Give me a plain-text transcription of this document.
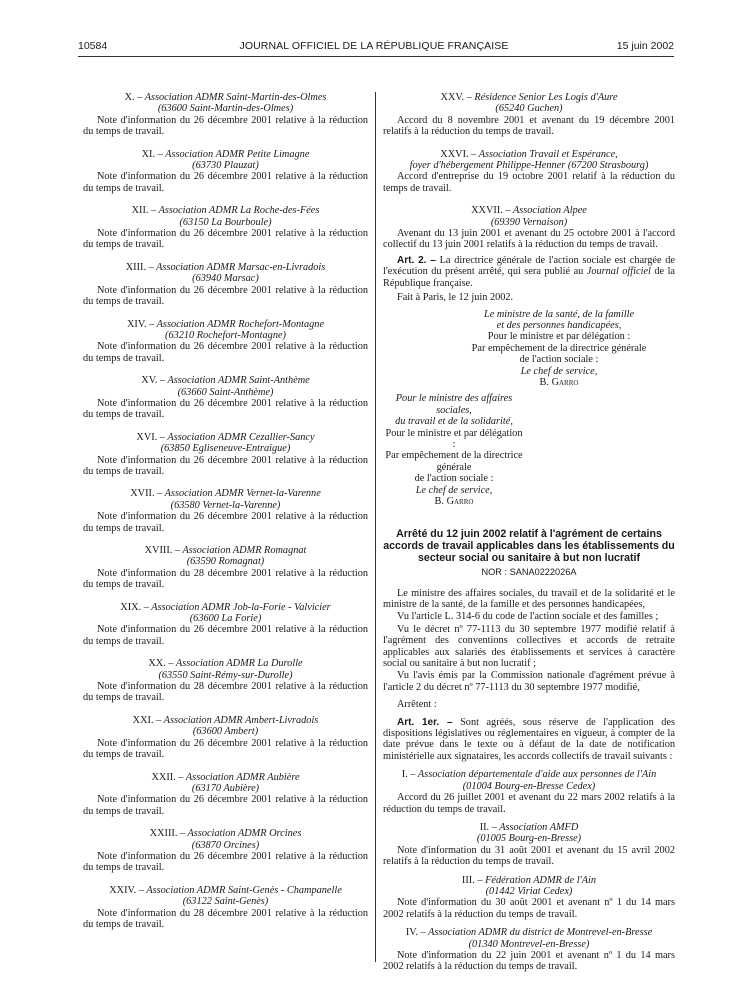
10584	JOURNAL OFFICIEL DE LA RÉPUBLIQUE FRANÇAISE	15 juin 2002
X. – Association ADMR Saint-Martin-des-Olmes
(63600 Saint-Martin-des-Olmes)
Note d'information du 26 décembre 2001 relative à la réduction du temps de travail.
XI. – Association ADMR Petite Limagne
(63730 Plauzat)
Note d'information du 26 décembre 2001 relative à la réduction du temps de travail.
XII. – Association ADMR La Roche-des-Fées
(63150 La Bourboule)
Note d'information du 26 décembre 2001 relative à la réduction du temps de travail.
XIII. – Association ADMR Marsac-en-Livradois
(63940 Marsac)
Note d'information du 26 décembre 2001 relative à la réduction du temps de travail.
XIV. – Association ADMR Rochefort-Montagne
(63210 Rochefort-Montagne)
Note d'information du 26 décembre 2001 relative à la réduction du temps de travail.
XV. – Association ADMR Saint-Anthème
(63660 Saint-Anthème)
Note d'information du 26 décembre 2001 relative à la réduction du temps de travail.
XVI. – Association ADMR Cezallier-Sancy
(63850 Egliseneuve-Entraigue)
Note d'information du 26 décembre 2001 relative à la réduction du temps de travail.
XVII. – Association ADMR Vernet-la-Varenne
(63580 Vernet-la-Varenne)
Note d'information du 26 décembre 2001 relative à la réduction du temps de travail.
XVIII. – Association ADMR Romagnat
(63590 Romagnat)
Note d'information du 28 décembre 2001 relative à la réduction du temps de travail.
XIX. – Association ADMR Job-la-Forie - Valvicier
(63600 La Forie)
Note d'information du 26 décembre 2001 relative à la réduction du temps de travail.
XX. – Association ADMR La Durolle
(63550 Saint-Rémy-sur-Durolle)
Note d'information du 28 décembre 2001 relative à la réduction du temps de travail.
XXI. – Association ADMR Ambert-Livradois
(63600 Ambert)
Note d'information du 26 décembre 2001 relative à la réduction du temps de travail.
XXII. – Association ADMR Aubière
(63170 Aubière)
Note d'information du 26 décembre 2001 relative à la réduction du temps de travail.
XXIII. – Association ADMR Orcines
(63870 Orcines)
Note d'information du 26 décembre 2001 relative à la réduction du temps de travail.
XXIV. – Association ADMR Saint-Genès - Champanelle
(63122 Saint-Genès)
Note d'information du 28 décembre 2001 relative à la réduction du temps de travail.
XXV. – Résidence Senior Les Logis d'Aure
(65240 Guchen)
Accord du 8 novembre 2001 et avenant du 19 décembre 2001 relatifs à la réduction du temps de travail.
XXVI. – Association Travail et Espérance,
foyer d'hébergement Philippe-Henner (67200 Strasbourg)
Accord d'entreprise du 19 octobre 2001 relatif à la réduction du temps de travail.
XXVII. – Association Alpee
(69390 Vernaison)
Avenant du 13 juin 2001 et avenant du 25 octobre 2001 à l'accord collectif du 13 juin 2001 relatifs à la réduction du temps de travail.
Art. 2. – La directrice générale de l'action sociale est chargée de l'exécution du présent arrêté, qui sera publié au Journal officiel de la République française.
Fait à Paris, le 12 juin 2002.
Le ministre de la santé, de la famille
et des personnes handicapées,
Pour le ministre et par délégation :
Par empêchement de la directrice générale
de l'action sociale :
Le chef de service,
B. Garro
Pour le ministre des affaires sociales,
du travail et de la solidarité,
Pour le ministre et par délégation :
Par empêchement de la directrice générale
de l'action sociale :
Le chef de service,
B. Garro
Arrêté du 12 juin 2002 relatif à l'agrément de certains accords de travail applicables dans les établissements du secteur social ou sanitaire à but non lucratif
NOR : SANA0222026A
Le ministre des affaires sociales, du travail et de la solidarité et le ministre de la santé, de la famille et des personnes handicapées,
Vu l'article L. 314-6 du code de l'action sociale et des familles ;
Vu le décret nº 77-1113 du 30 septembre 1977 modifié relatif à l'agrément des conventions collectives et accords de retraite applicables aux salariés des établissements et services à caractère social ou sanitaire à but non lucratif ;
Vu l'avis émis par la Commission nationale d'agrément prévue à l'article 2 du décret nº 77-1113 du 30 septembre 1977 modifié,
Arrêtent :
Art. 1er. – Sont agréés, sous réserve de l'application des dispositions législatives ou réglementaires en vigueur, à compter de la date prévue dans le texte ou à défaut de la date de notification ministérielle aux signataires, les accords collectifs de travail suivants :
I. – Association départementale d'aide aux personnes de l'Ain
(01004 Bourg-en-Bresse Cedex)
Accord du 26 juillet 2001 et avenant du 22 mars 2002 relatifs à la réduction du temps de travail.
II. – Association AMFD
(01005 Bourg-en-Bresse)
Note d'information du 31 août 2001 et avenant du 15 avril 2002 relatifs à la réduction du temps de travail.
III. – Fédération ADMR de l'Ain
(01442 Viriat Cedex)
Note d'information du 30 août 2001 et avenant nº 1 du 14 mars 2002 relatifs à la réduction du temps de travail.
IV. – Association ADMR du district de Montrevel-en-Bresse
(01340 Montrevel-en-Bresse)
Note d'information du 22 juin 2001 et avenant nº 1 du 14 mars 2002 relatifs à la réduction du temps de travail.
